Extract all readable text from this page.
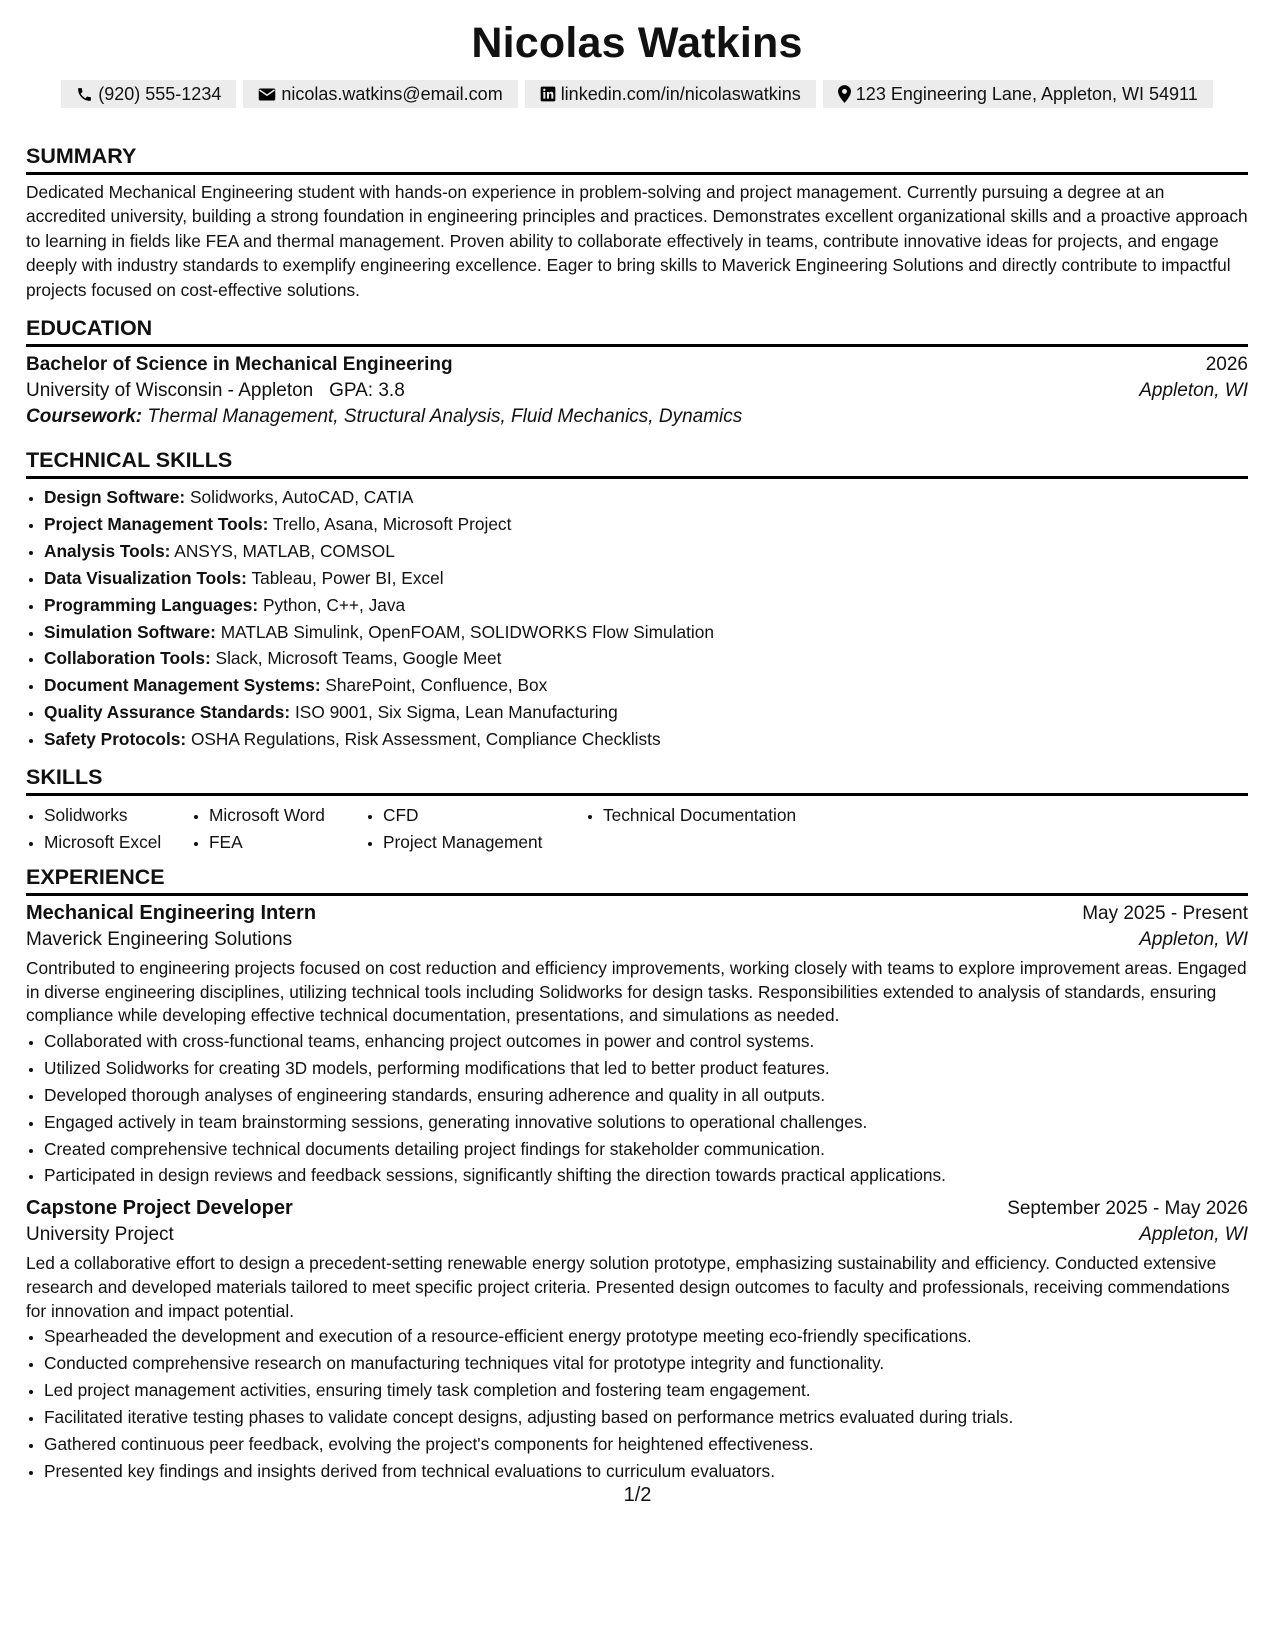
Nicolas Watkins
(920) 555-1234	nicolas.watkins@email.com	linkedin.com/in/nicolaswatkins	123 Engineering Lane, Appleton, WI 54911
SUMMARY

Dedicated Mechanical Engineering student with hands-on experience in problem-solving and project management. Currently pursuing a degree at an accredited university, building a strong foundation in engineering principles and practices. Demonstrates excellent organizational skills and a proactive approach to learning in fields like FEA and thermal management. Proven ability to collaborate effectively in teams, contribute innovative ideas for projects, and engage deeply with industry standards to exemplify engineering excellence. Eager to bring skills to Maverick Engineering Solutions and directly contribute to impactful projects focused on cost-effective solutions.

EDUCATION
Bachelor of Science in Mechanical Engineering	2026
University of Wisconsin - Appleton GPA: 3.8	Appleton, WI
Coursework: Thermal Management, Structural Analysis, Fluid Mechanics, Dynamics
TECHNICAL SKILLS
• Design Software: Solidworks, AutoCAD, CATIA
• Project Management Tools: Trello, Asana, Microsoft Project
• Analysis Tools: ANSYS, MATLAB, COMSOL
• Data Visualization Tools: Tableau, Power BI, Excel
• Programming Languages: Python, C++, Java
• Simulation Software: MATLAB Simulink, OpenFOAM, SOLIDWORKS Flow Simulation
• Collaboration Tools: Slack, Microsoft Teams, Google Meet
• Document Management Systems: SharePoint, Confluence, Box
• Quality Assurance Standards: ISO 9001, Six Sigma, Lean Manufacturing
• Safety Protocols: OSHA Regulations, Risk Assessment, Compliance Checklists
SKILLS
• Solidworks
• Microsoft Excel
• Microsoft Word
• FEA
• CFD
• Project Management
• Technical Documentation
EXPERIENCE
Mechanical Engineering Intern	May 2025 - Present
Maverick Engineering Solutions	Appleton, WI

Contributed to engineering projects focused on cost reduction and efficiency improvements, working closely with teams to explore improvement areas. Engaged in diverse engineering disciplines, utilizing technical tools including Solidworks for design tasks. Responsibilities extended to analysis of standards, ensuring compliance while developing effective technical documentation, presentations, and simulations as needed.

• Collaborated with cross-functional teams, enhancing project outcomes in power and control systems.
• Utilized Solidworks for creating 3D models, performing modifications that led to better product features.
• Developed thorough analyses of engineering standards, ensuring adherence and quality in all outputs.
• Engaged actively in team brainstorming sessions, generating innovative solutions to operational challenges.
• Created comprehensive technical documents detailing project findings for stakeholder communication.
• Participated in design reviews and feedback sessions, significantly shifting the direction towards practical applications.
Capstone Project Developer	September 2025 - May 2026
University Project	Appleton, WI

Led a collaborative effort to design a precedent-setting renewable energy solution prototype, emphasizing sustainability and efficiency. Conducted extensive research and developed materials tailored to meet specific project criteria. Presented design outcomes to faculty and professionals, receiving commendations for innovation and impact potential.

• Spearheaded the development and execution of a resource-efficient energy prototype meeting eco-friendly specifications.
• Conducted comprehensive research on manufacturing techniques vital for prototype integrity and functionality.
• Led project management activities, ensuring timely task completion and fostering team engagement.
• Facilitated iterative testing phases to validate concept designs, adjusting based on performance metrics evaluated during trials.
• Gathered continuous peer feedback, evolving the project's components for heightened effectiveness.
• Presented key findings and insights derived from technical evaluations to curriculum evaluators.
1/2
